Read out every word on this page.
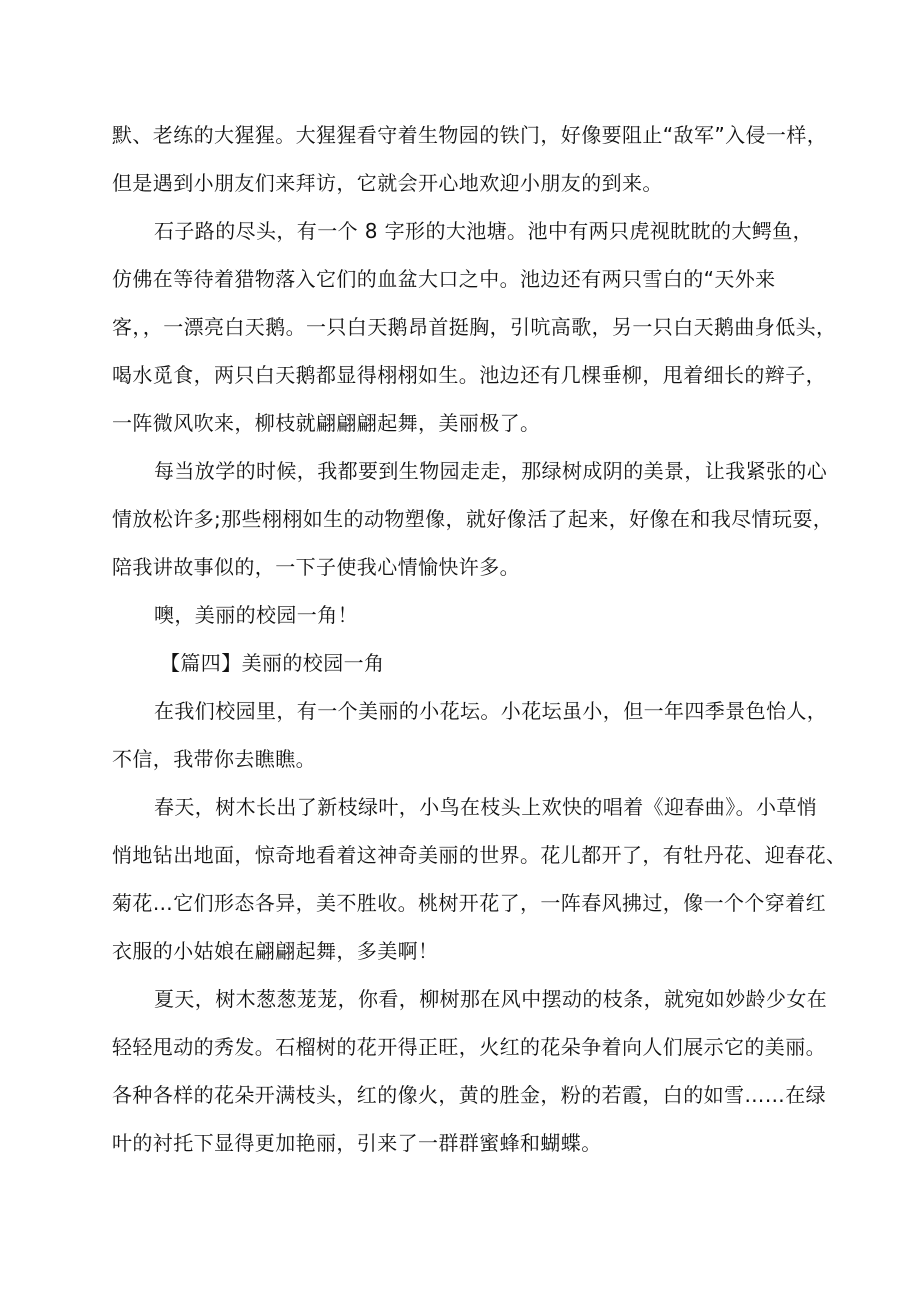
默、老练的大猩猩。大猩猩看守着生物园的铁门，好像要阻止“敌军”入侵一样，

但是遇到小朋友们来拜访，它就会开心地欢迎小朋友的到来。

石子路的尽头，有一个 8 字形的大池塘。池中有两只虎视眈眈的大鳄鱼，

仿佛在等待着猎物落入它们的血盆大口之中。池边还有两只雪白的“天外来

客，，一漂亮白天鹅。一只白天鹅昂首挺胸，引吭高歌，另一只白天鹅曲身低头，

喝水觅食，两只白天鹅都显得栩栩如生。池边还有几棵垂柳，甩着细长的辫子，

一阵微风吹来，柳枝就翩翩翩起舞，美丽极了。

每当放学的时候，我都要到生物园走走，那绿树成阴的美景，让我紧张的心

情放松许多;那些栩栩如生的动物塑像，就好像活了起来，好像在和我尽情玩耍，

陪我讲故事似的，一下子使我心情愉快许多。

噢，美丽的校园一角！

【篇四】美丽的校园一角

在我们校园里，有一个美丽的小花坛。小花坛虽小，但一年四季景色怡人，

不信，我带你去瞧瞧。

春天，树木长出了新枝绿叶，小鸟在枝头上欢快的唱着《迎春曲》。小草悄

悄地钻出地面，惊奇地看着这神奇美丽的世界。花儿都开了，有牡丹花、迎春花、

菊花…它们形态各异，美不胜收。桃树开花了，一阵春风拂过，像一个个穿着红

衣服的小姑娘在翩翩起舞，多美啊！

夏天，树木葱葱茏茏，你看，柳树那在风中摆动的枝条，就宛如妙龄少女在

轻轻甩动的秀发。石榴树的花开得正旺，火红的花朵争着向人们展示它的美丽。

各种各样的花朵开满枝头，红的像火，黄的胜金，粉的若霞，白的如雪……在绿

叶的衬托下显得更加艳丽，引来了一群群蜜蜂和蝴蝶。
